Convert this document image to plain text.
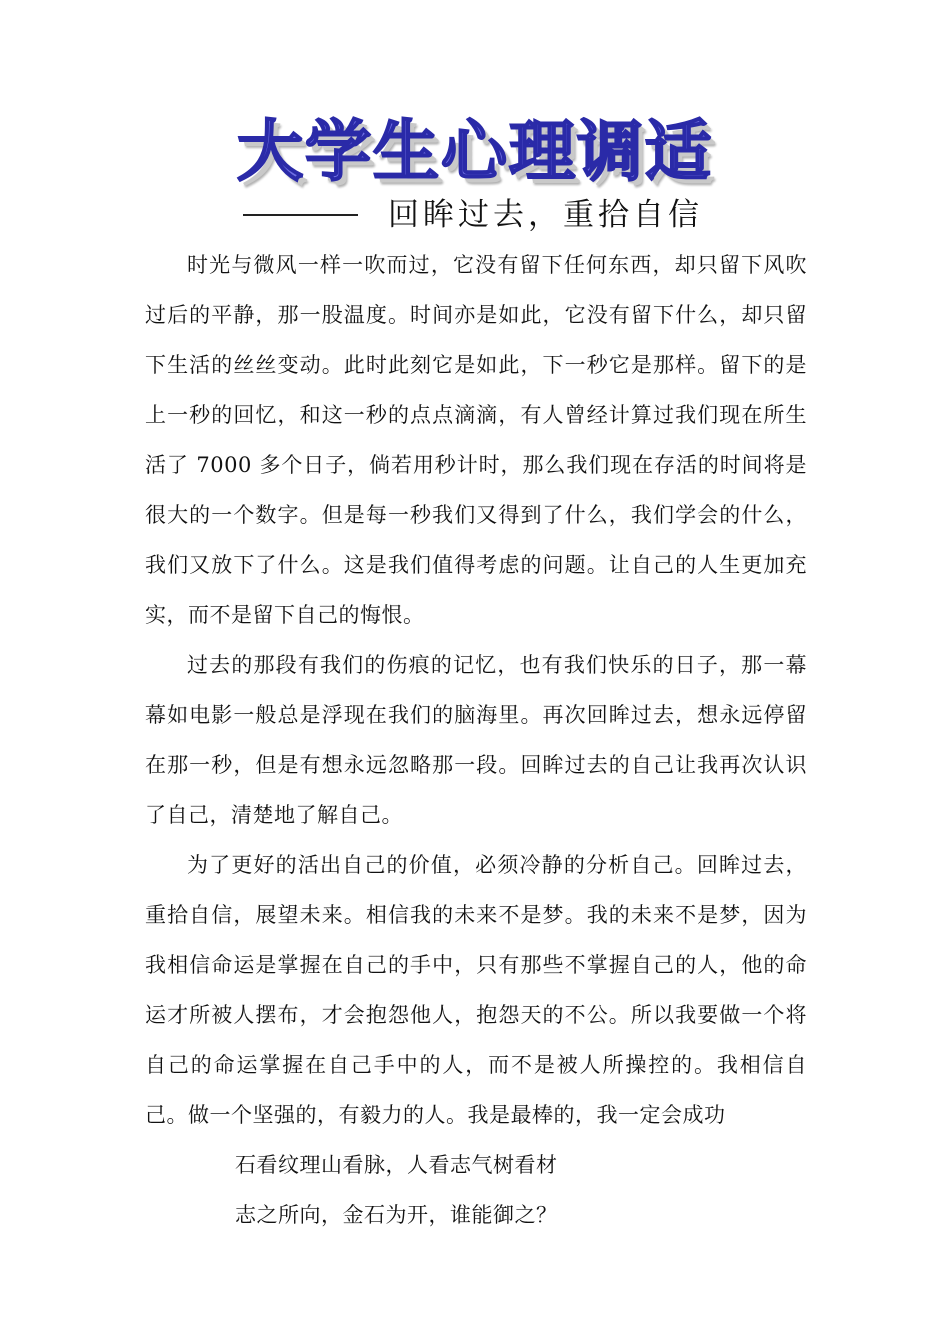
大学生心理调适
回眸过去，重拾自信

时光与微风一样一吹而过，它没有留下任何东西，却只留下风吹过后的平静，那一股温度。时间亦是如此，它没有留下什么，却只留下生活的丝丝变动。此时此刻它是如此，下一秒它是那样。留下的是上一秒的回忆，和这一秒的点点滴滴，有人曾经计算过我们现在所生活了 7000 多个日子，倘若用秒计时，那么我们现在存活的时间将是很大的一个数字。但是每一秒我们又得到了什么，我们学会的什么，我们又放下了什么。这是我们值得考虑的问题。让自己的人生更加充实，而不是留下自己的悔恨。

过去的那段有我们的伤痕的记忆，也有我们快乐的日子，那一幕幕如电影一般总是浮现在我们的脑海里。再次回眸过去，想永远停留在那一秒，但是有想永远忽略那一段。回眸过去的自己让我再次认识了自己，清楚地了解自己。

为了更好的活出自己的价值，必须冷静的分析自己。回眸过去，重拾自信，展望未来。相信我的未来不是梦。我的未来不是梦，因为我相信命运是掌握在自己的手中，只有那些不掌握自己的人，他的命运才所被人摆布，才会抱怨他人，抱怨天的不公。所以我要做一个将自己的命运掌握在自己手中的人，而不是被人所操控的。我相信自己。做一个坚强的，有毅力的人。我是最棒的，我一定会成功

石看纹理山看脉，人看志气树看材

志之所向，金石为开，谁能御之？
